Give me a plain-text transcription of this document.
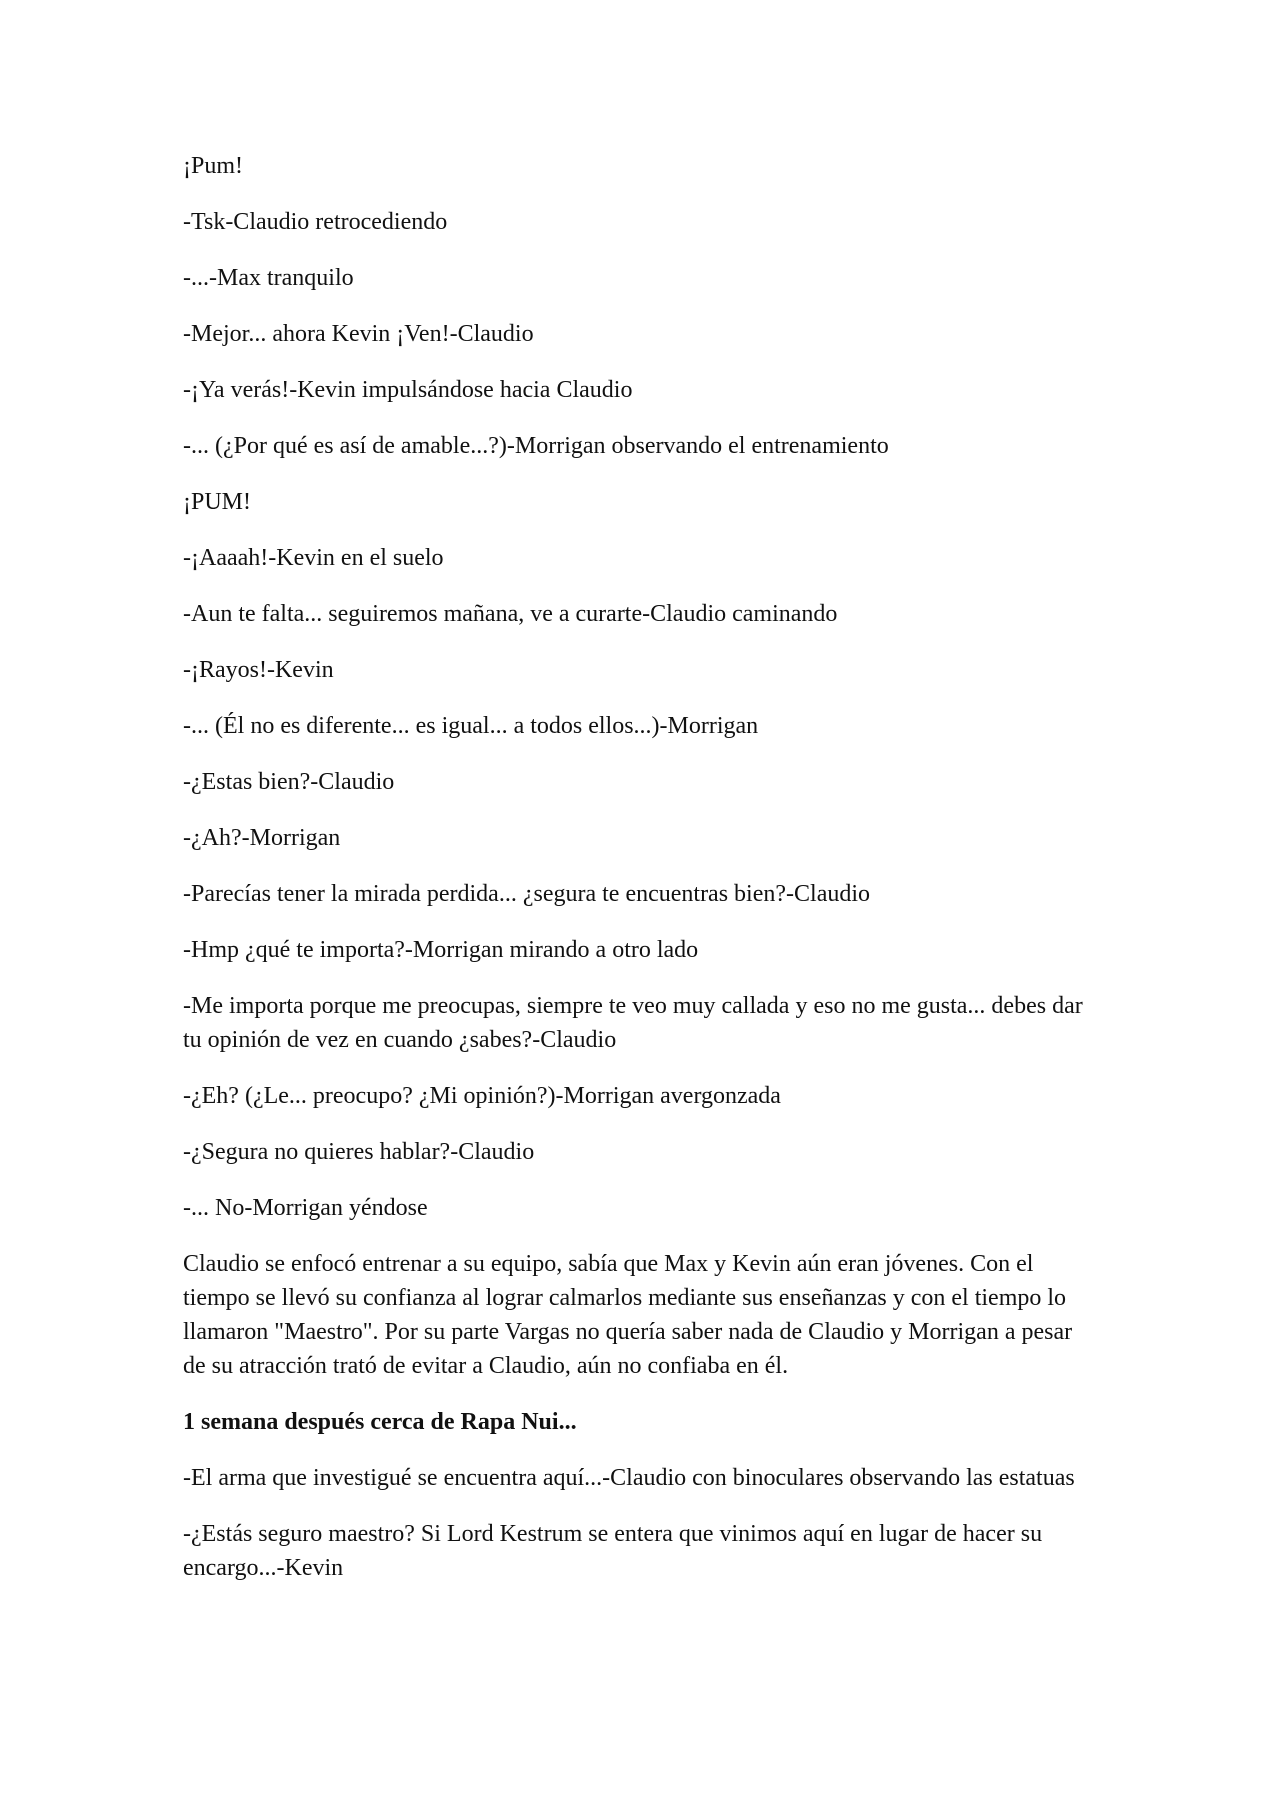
¡Pum!

-Tsk-Claudio retrocediendo

-...-Max tranquilo

-Mejor... ahora Kevin ¡Ven!-Claudio

-¡Ya verás!-Kevin impulsándose hacia Claudio

-... (¿Por qué es así de amable...?)-Morrigan observando el entrenamiento

¡PUM!

-¡Aaaah!-Kevin en el suelo

-Aun te falta... seguiremos mañana, ve a curarte-Claudio caminando

-¡Rayos!-Kevin

-... (Él no es diferente... es igual... a todos ellos...)-Morrigan

-¿Estas bien?-Claudio

-¿Ah?-Morrigan

-Parecías tener la mirada perdida... ¿segura te encuentras bien?-Claudio

-Hmp ¿qué te importa?-Morrigan mirando a otro lado

-Me importa porque me preocupas, siempre te veo muy callada y eso no me gusta... debes dar tu opinión de vez en cuando ¿sabes?-Claudio

-¿Eh? (¿Le... preocupo? ¿Mi opinión?)-Morrigan avergonzada

-¿Segura no quieres hablar?-Claudio

-... No-Morrigan yéndose

Claudio se enfocó entrenar a su equipo, sabía que Max y Kevin aún eran jóvenes. Con el tiempo se llevó su confianza al lograr calmarlos mediante sus enseñanzas y con el tiempo lo llamaron "Maestro". Por su parte Vargas no quería saber nada de Claudio y Morrigan a pesar de su atracción trató de evitar a Claudio, aún no confiaba en él.

1 semana después cerca de Rapa Nui...

-El arma que investigué se encuentra aquí...-Claudio con binoculares observando las estatuas

-¿Estás seguro maestro? Si Lord Kestrum se entera que vinimos aquí en lugar de hacer su encargo...-Kevin
